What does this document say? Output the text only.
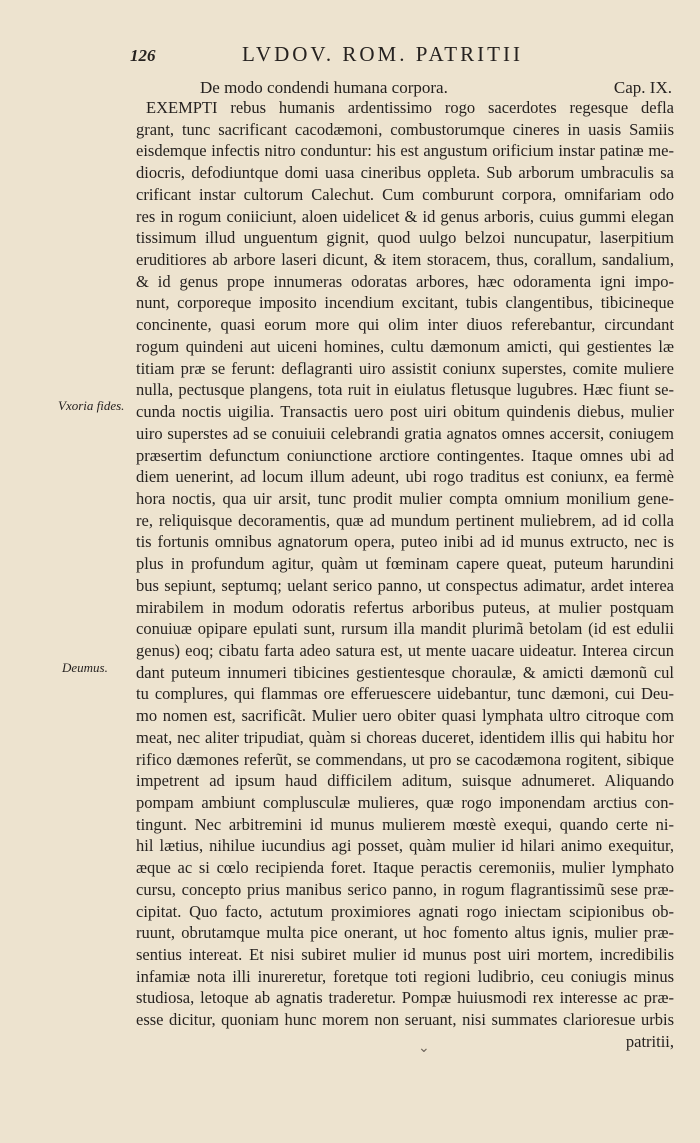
126	LVDOV. ROM. PATRITII
De modo condendi humana corpora.	Cap. IX.
Vxoria fides.
Deumus.
EXEMPTI rebus humanis ardentissimo rogo sacerdotes regesque defla
grant, tunc sacrificant cacodæmoni, combustorumque cineres in uasis Samiis
eisdemque infectis nitro conduntur: his est angustum orificium instar patinæ me-
diocris, defodiuntque domi uasa cineribus oppleta. Sub arborum umbraculis sa
crificant instar cultorum Calechut. Cum comburunt corpora, omnifariam odo
res in rogum coniiciunt, aloen uidelicet & id genus arboris, cuius gummi elegan
tissimum illud unguentum gignit, quod uulgo belzoi nuncupatur, laserpitium
eruditiores ab arbore laseri dicunt, & item storacem, thus, corallum, sandalium,
& id genus prope innumeras odoratas arbores, hæc odoramenta igni impo-
nunt, corporeque imposito incendium excitant, tubis clangentibus, tibicineque
concinente, quasi eorum more qui olim inter diuos referebantur, circundant
rogum quindeni aut uiceni homines, cultu dæmonum amicti, qui gestientes læ
titiam præ se ferunt: deflagranti uiro assistit coniunx superstes, comite muliere
nulla, pectusque plangens, tota ruit in eiulatus fletusque lugubres. Hæc fiunt se-
cunda noctis uigilia. Transactis uero post uiri obitum quindenis diebus, mulier
uiro superstes ad se conuiuii celebrandi gratia agnatos omnes accersit, coniugem
præsertim defunctum coniunctione arctiore contingentes. Itaque omnes ubi ad
diem uenerint, ad locum illum adeunt, ubi rogo traditus est coniunx, ea fermè
hora noctis, qua uir arsit, tunc prodit mulier compta omnium monilium gene-
re, reliquisque decoramentis, quæ ad mundum pertinent muliebrem, ad id colla
tis fortunis omnibus agnatorum opera, puteo inibi ad id munus extructo, nec is
plus in profundum agitur, quàm ut fœminam capere queat, puteum harundini
bus sepiunt, septumq; uelant serico panno, ut conspectus adimatur, ardet interea
mirabilem in modum odoratis refertus arboribus puteus, at mulier postquam
conuiuæ opipare epulati sunt, rursum illa mandit plurimã betolam (id est edulii
genus) eoq; cibatu farta adeo satura est, ut mente uacare uideatur. Interea circun
dant puteum innumeri tibicines gestientesque choraulæ, & amicti dæmonũ cul
tu complures, qui flammas ore efferuescere uidebantur, tunc dæmoni, cui Deu-
mo nomen est, sacrificãt. Mulier uero obiter quasi lymphata ultro citroque com
meat, nec aliter tripudiat, quàm si choreas duceret, identidem illis qui habitu hor
rifico dæmones referũt, se commendans, ut pro se cacodæmona rogitent, sibique
impetrent ad ipsum haud difficilem aditum, suisque adnumeret. Aliquando
pompam ambiunt complusculæ mulieres, quæ rogo imponendam arctius con-
tingunt. Nec arbitremini id munus mulierem mœstè exequi, quando certe ni-
hil lætius, nihilue iucundius agi posset, quàm mulier id hilari animo exequitur,
æque ac si cœlo recipienda foret. Itaque peractis ceremoniis, mulier lymphato
cursu, concepto prius manibus serico panno, in rogum flagrantissimũ sese præ-
cipitat. Quo facto, actutum proximiores agnati rogo iniectam scipionibus ob-
ruunt, obrutamque multa pice onerant, ut hoc fomento altus ignis, mulier præ-
sentius intereat. Et nisi subiret mulier id munus post uiri mortem, incredibilis
infamiæ nota illi inureretur, foretque toti regioni ludibrio, ceu coniugis minus
studiosa, letoque ab agnatis traderetur. Pompæ huiusmodi rex interesse ac præ-
esse dicitur, quoniam hunc morem non seruant, nisi summates clarioresue urbis
patritii,
⌄
